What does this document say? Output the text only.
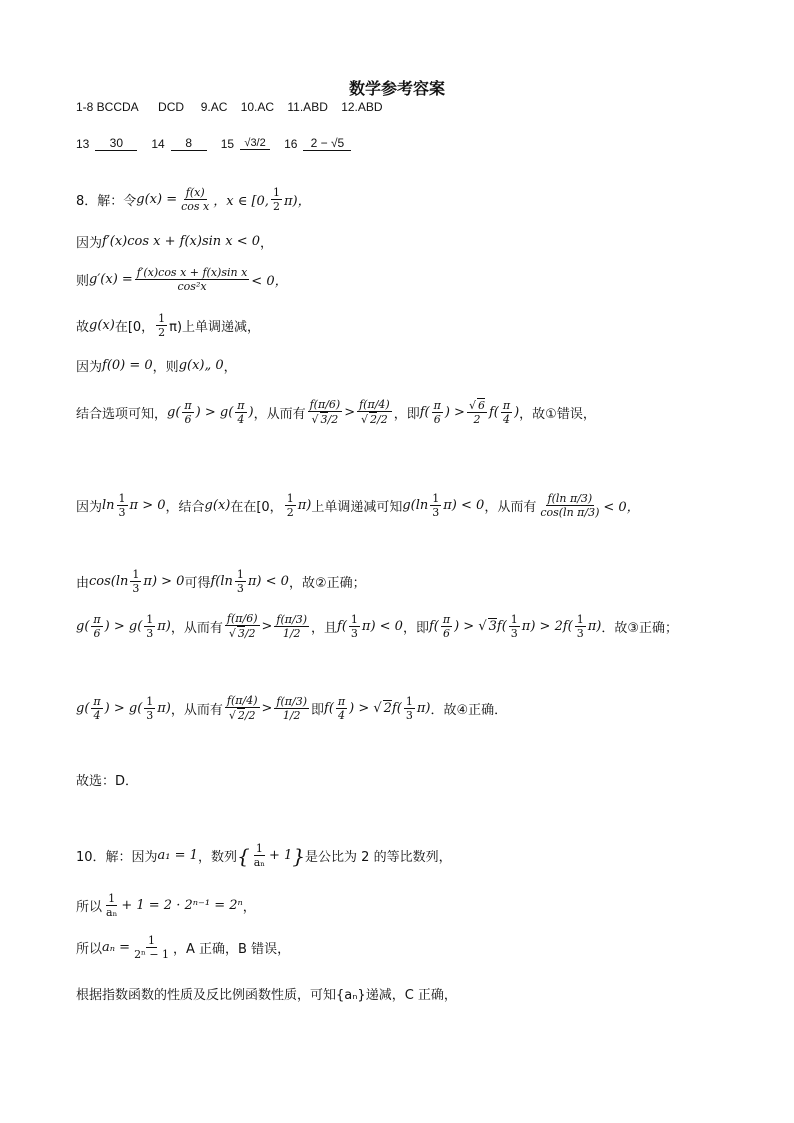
数学参考容案
1-8 BCCDA      DCD     9.AC    10.AC    11.ABD    12.ABD
13	30	14	8	15 √3/2	16	2 − √5
8．解：令 $g(x) = \frac{f(x)}{\text{cos x}}$ ，x ∈ [0, $\frac{1}{2} \pi$)，
因为 f′(x)cos x + f(x)sin x < 0 ，
则 $g'(x) = \frac{\text{f′(x)cos x + f(x)sin x}}{\text{cos²x}} < 0$，
故 g(x) 在[0， $\frac{1}{2} \pi$)上单调递减，
因为 f(0) = 0 ，则 g(x)„ 0 ，
结合选项可知， $g( \frac{\pi}{6}$ ) > $g( \frac{\pi}{4}$ ) ，从而有 $\frac{f(\pi/6)}{√ 3/2} > \frac{f(\pi/4)}{√ 2/2}$ ，即 $f( \frac{\pi}{6}$ ) > $\frac{√ 6}{2} f( \frac{\pi}{4}$ ) ，故①错误，
因为 $\ln \frac{1}{3}$ π > 0 ，结合 g(x) 在在[0， $\frac{1}{2} \pi$) 上单调递减可知 $g(\ln \frac{1}{3} \pi) < 0$ ，从而有 $\frac{\text{f(ln π/3)}}{\text{cos(ln π/3)}} < 0$，
由 $\cos(\ln \frac{1}{3} \pi) > 0$ 可得 $f(\ln \frac{1}{3} \pi) < 0$ ，故②正确；
$g( \frac{\pi}{6}$ ) > $g( \frac{1}{3} \pi)$ ，从而有 $\frac{f(\pi/6)}{√ 3/2} > \frac{f(\pi/3)}{1/2}$ ，且 $f( \frac{1}{3} \pi) < 0$ ，即 $f( \frac{\pi}{6}$ ) > √ $3f( \frac{1}{3} \pi) > 2f( \frac{1}{3} \pi)$ ．故③正确；
$g( \frac{\pi}{4}$ ) > $g( \frac{1}{3} \pi)$ ，从而有 $\frac{f(\pi/4)}{√ 2/2} > \frac{f(\pi/3)}{1/2}$ 即 $f( \frac{\pi}{4}$ ) > √ $2f( \frac{1}{3} \pi)$ ．故④正确．
故选：D．
10．解：因为 a₁ = 1 ，数列 { $\frac{1}{\text{aₙ}} + 1$ } 是公比为 2 的等比数列，
所以 $\frac{1}{\text{aₙ}} + 1 = 2 \cdot 2^{n-1} = 2^n$ ，
所以 $a_n = \frac{1}{\text{2ⁿ − 1}}$ ，A 正确，B 错误，
根据指数函数的性质及反比例函数性质，可知{aₙ}递减，C 正确，
